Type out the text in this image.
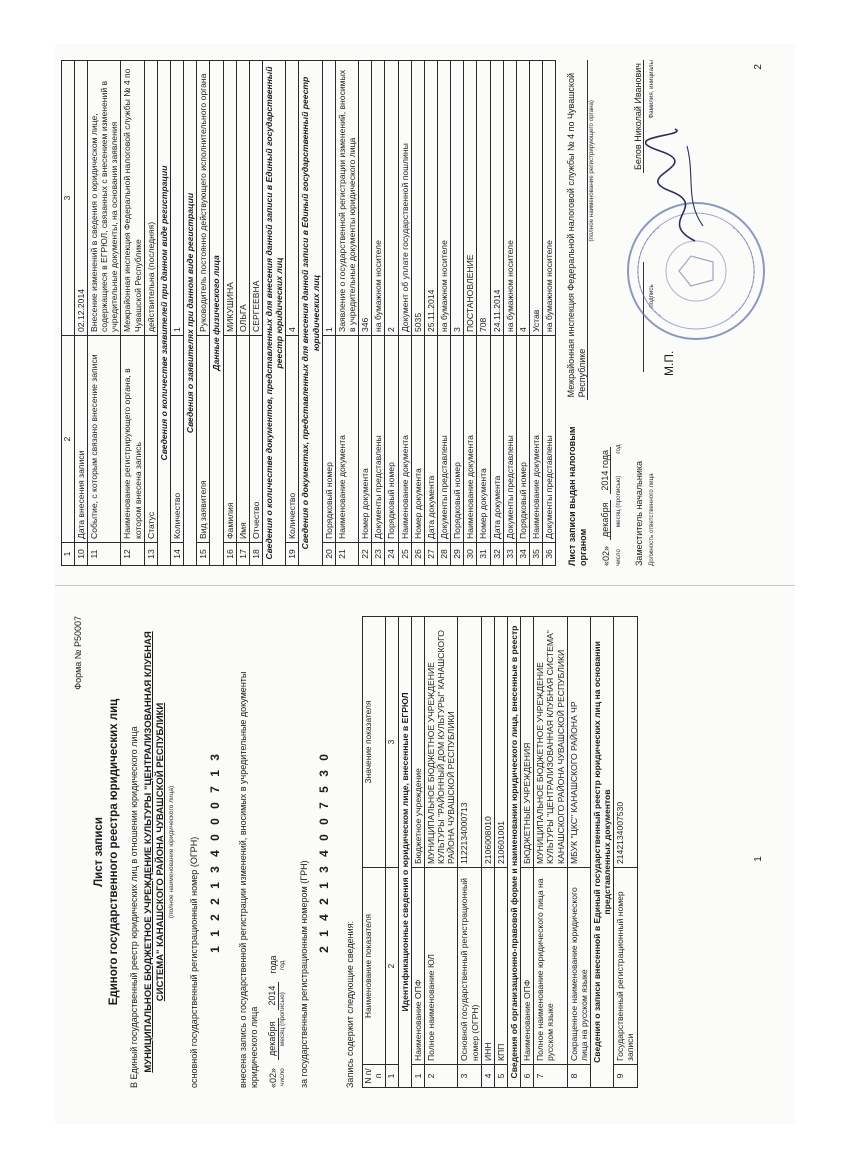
Форма № Р50007
Лист записи Единого государственного реестра юридических лиц В Единый государственный реестр юридических лиц в отношении юридического лица МУНИЦИПАЛЬНОЕ БЮДЖЕТНОЕ УЧРЕЖДЕНИЕ КУЛЬТУРЫ "ЦЕНТРАЛИЗОВАННАЯ КЛУБНАЯ СИСТЕМА" КАНАШСКОГО РАЙОНА ЧУВАШСКОЙ РЕСПУБЛИКИ (полное наименование юридического лица) основной государственный регистрационный номер (ОГРН) 1 1 2 2 1 3 4 0 0 0 7 1 3 внесена запись о государственной регистрации изменений, вносимых в учредительные документы юридического лица «02»
декабря
2014
года
число
месяц (прописью)
год за государственным регистрационным номером (ГРН)
2 1 4 2 1 3 4 0 0 7 5 3 0
Запись содержит следующие сведения: N п/п	Наименование показателя	Значение показателя
1	2	3
Идентификационные сведения о юридическом лице, внесенные в ЕГРЮЛ		
1	Наименование ОПФ	Бюджетное учреждение
2	Полное наименование ЮЛ	МУНИЦИПАЛЬНОЕ БЮДЖЕТНОЕ УЧРЕЖДЕНИЕ КУЛЬТУРЫ "РАЙОННЫЙ ДОМ КУЛЬТУРЫ" КАНАШСКОГО РАЙОНА ЧУВАШСКОЙ РЕСПУБЛИКИ
3	Основной государственный регистрационный номер (ОГРН)	1122134000713
4	ИНН	2106008010
5	КПП	210601001
Сведения об организационно-правовой форме и наименовании юридического лица, внесенные в реестр		
6	Наименование ОПФ	БЮДЖЕТНЫЕ УЧРЕЖДЕНИЯ
7	Полное наименование юридического лица на русском языке	МУНИЦИПАЛЬНОЕ БЮДЖЕТНОЕ УЧРЕЖДЕНИЕ КУЛЬТУРЫ "ЦЕНТРАЛИЗОВАННАЯ КЛУБНАЯ СИСТЕМА" КАНАШСКОГО РАЙОНА ЧУВАШСКОЙ РЕСПУБЛИКИ
8	Сокращенное наименование юридического лица на русском языке	МБУК "ЦКС" КАНАШСКОГО РАЙОНА ЧР
Сведения о записи внесенной в Единый государственный реестр юридических лиц на основании представленных документов		
9	Государственный регистрационный номер записи	2142134007530	1
1	2	3
10	Дата внесения записи	02.12.2014
11	Событие, с которым связано внесение записи	Внесение изменений в сведения о юридическом лице, содержащиеся в ЕГРЮЛ, связанных с внесением изменений в учредительные документы, на основании заявления
12	Наименование регистрирующего органа, в котором внесена запись	Межрайонная инспекция Федеральной налоговой службы № 4 по Чувашской Республике
13	Статус	действительна (последняя)
Сведения о количестве заявителей при данном виде регистрации		
14	Количество	1
Сведения о заявителях при данном виде регистрации		
15	Вид заявителя	Руководитель постоянно действующего исполнительного органа
Данные физического лица		
16	Фамилия	МИКУШИНА
17	Имя	ОЛЬГА
18	Отчество	СЕРГЕЕВНА
Сведения о количестве документов, представленных для внесения данной записи в Единый государственный реестр юридических лиц		
19	Количество	4
Сведения о документах, представленных для внесения данной записи в Единый государственный реестр юридических лиц		
20	Порядковый номер	1
21	Наименование документа	Заявление о государственной регистрации изменений, вносимых в учредительные документы юридического лица
22	Номер документа	346
23	Документы представлены	на бумажном носителе
24	Порядковый номер	2
25	Наименование документа	Документ об уплате государственной пошлины
26	Номер документа	5035
27	Дата документа	25.11.2014
28	Документы представлены	на бумажном носителе
29	Порядковый номер	3
30	Наименование документа	ПОСТАНОВЛЕНИЕ
31	Номер документа	708
32	Дата документа	24.11.2014
33	Документы представлены	на бумажном носителе
34	Порядковый номер	4
35	Наименование документа	Устав
36	Документы представлены	на бумажном носителе
Лист записи выдан налоговым органом
Межрайонная инспекция Федеральной налоговой службы № 4 по Чувашской Республике
(полное наименование регистрирующего органа)
«02»
декабря
2014 года
число
месяц (прописью)
год
Заместитель начальника

Белов Николай Иванович
Должность ответственного лица
подпись
Фамилия, инициалы
М.П.
2
